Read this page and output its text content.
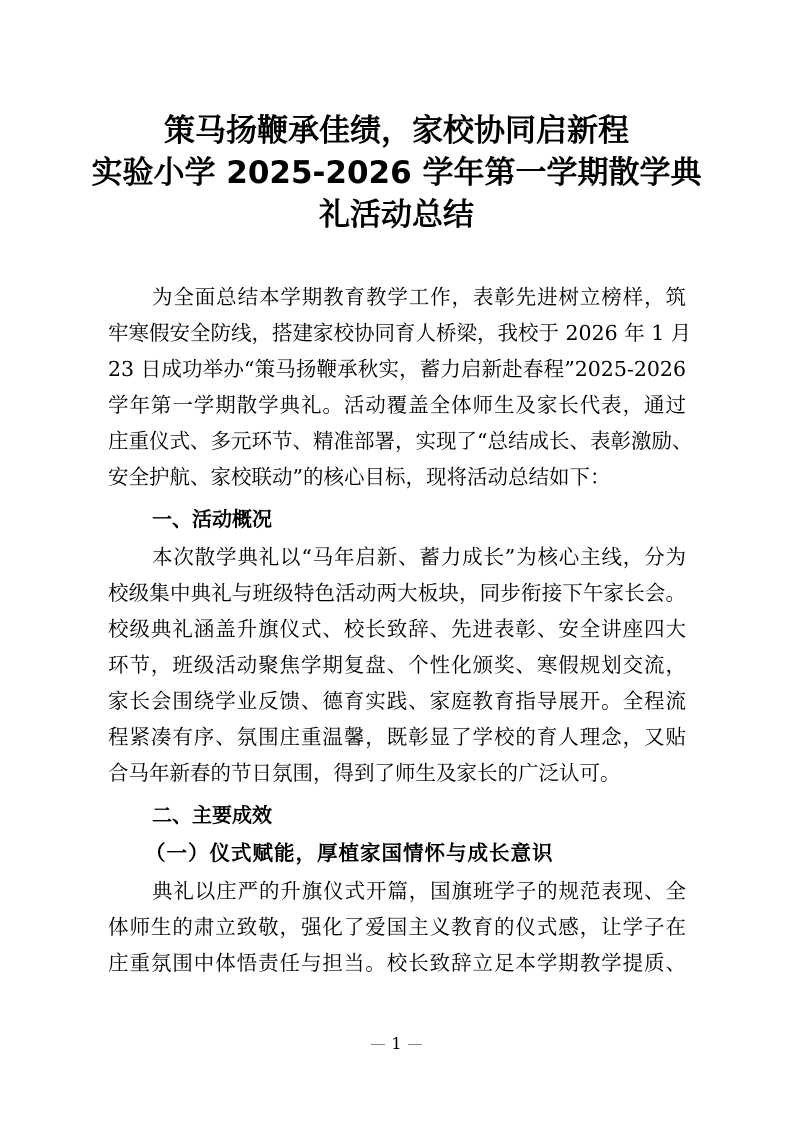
策马扬鞭承佳绩，家校协同启新程
实验小学 2025-2026 学年第一学期散学典
礼活动总结
为全面总结本学期教育教学工作，表彰先进树立榜样，筑
牢寒假安全防线，搭建家校协同育人桥梁，我校于 2026 年 1 月
23 日成功举办“策马扬鞭承秋实，蓄力启新赴春程”2025-2026
学年第一学期散学典礼。活动覆盖全体师生及家长代表，通过
庄重仪式、多元环节、精准部署，实现了“总结成长、表彰激励、
安全护航、家校联动”的核心目标，现将活动总结如下：
一、活动概况
本次散学典礼以“马年启新、蓄力成长”为核心主线，分为
校级集中典礼与班级特色活动两大板块，同步衔接下午家长会。
校级典礼涵盖升旗仪式、校长致辞、先进表彰、安全讲座四大
环节，班级活动聚焦学期复盘、个性化颁奖、寒假规划交流，
家长会围绕学业反馈、德育实践、家庭教育指导展开。全程流
程紧凑有序、氛围庄重温馨，既彰显了学校的育人理念，又贴
合马年新春的节日氛围，得到了师生及家长的广泛认可。
二、主要成效
（一）仪式赋能，厚植家国情怀与成长意识
典礼以庄严的升旗仪式开篇，国旗班学子的规范表现、全
体师生的肃立致敬，强化了爱国主义教育的仪式感，让学子在
庄重氛围中体悟责任与担当。校长致辞立足本学期教学提质、
1
